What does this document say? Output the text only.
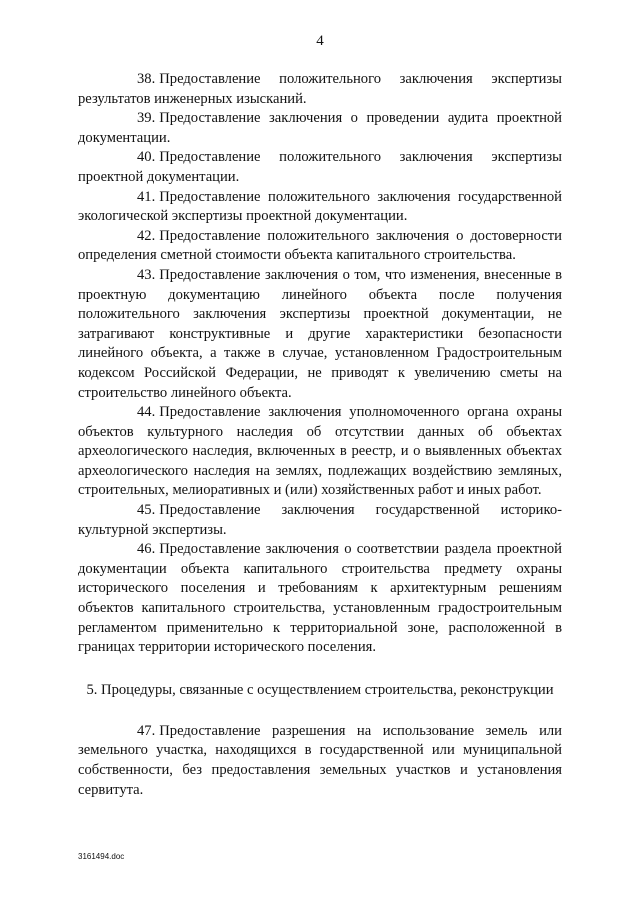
4

38. Предоставление положительного заключения экспертизы результатов инженерных изысканий.

39. Предоставление заключения о проведении аудита проектной документации.

40. Предоставление положительного заключения экспертизы проектной документации.

41. Предоставление положительного заключения государственной экологической экспертизы проектной документации.

42. Предоставление положительного заключения о достоверности определения сметной стоимости объекта капитального строительства.

43. Предоставление заключения о том, что изменения, внесенные в проектную документацию линейного объекта после получения положительного заключения экспертизы проектной документации, не затрагивают конструктивные и другие характеристики безопасности линейного объекта, а также в случае, установленном Градостроительным кодексом Российской Федерации, не приводят к увеличению сметы на строительство линейного объекта.

44. Предоставление заключения уполномоченного органа охраны объектов культурного наследия об отсутствии данных об объектах археологического наследия, включенных в реестр, и о выявленных объектах археологического наследия на землях, подлежащих воздействию земляных, строительных, мелиоративных и (или) хозяйственных работ и иных работ.

45. Предоставление заключения государственной историко-культурной экспертизы.

46. Предоставление заключения о соответствии раздела проектной документации объекта капитального строительства предмету охраны исторического поселения и требованиям к архитектурным решениям объектов капитального строительства, установленным градостроительным регламентом применительно к территориальной зоне, расположенной в границах территории исторического поселения.

5. Процедуры, связанные с осуществлением строительства, реконструкции

47. Предоставление разрешения на использование земель или земельного участка, находящихся в государственной или муниципальной собственности, без предоставления земельных участков и установления сервитута.

3161494.doc
